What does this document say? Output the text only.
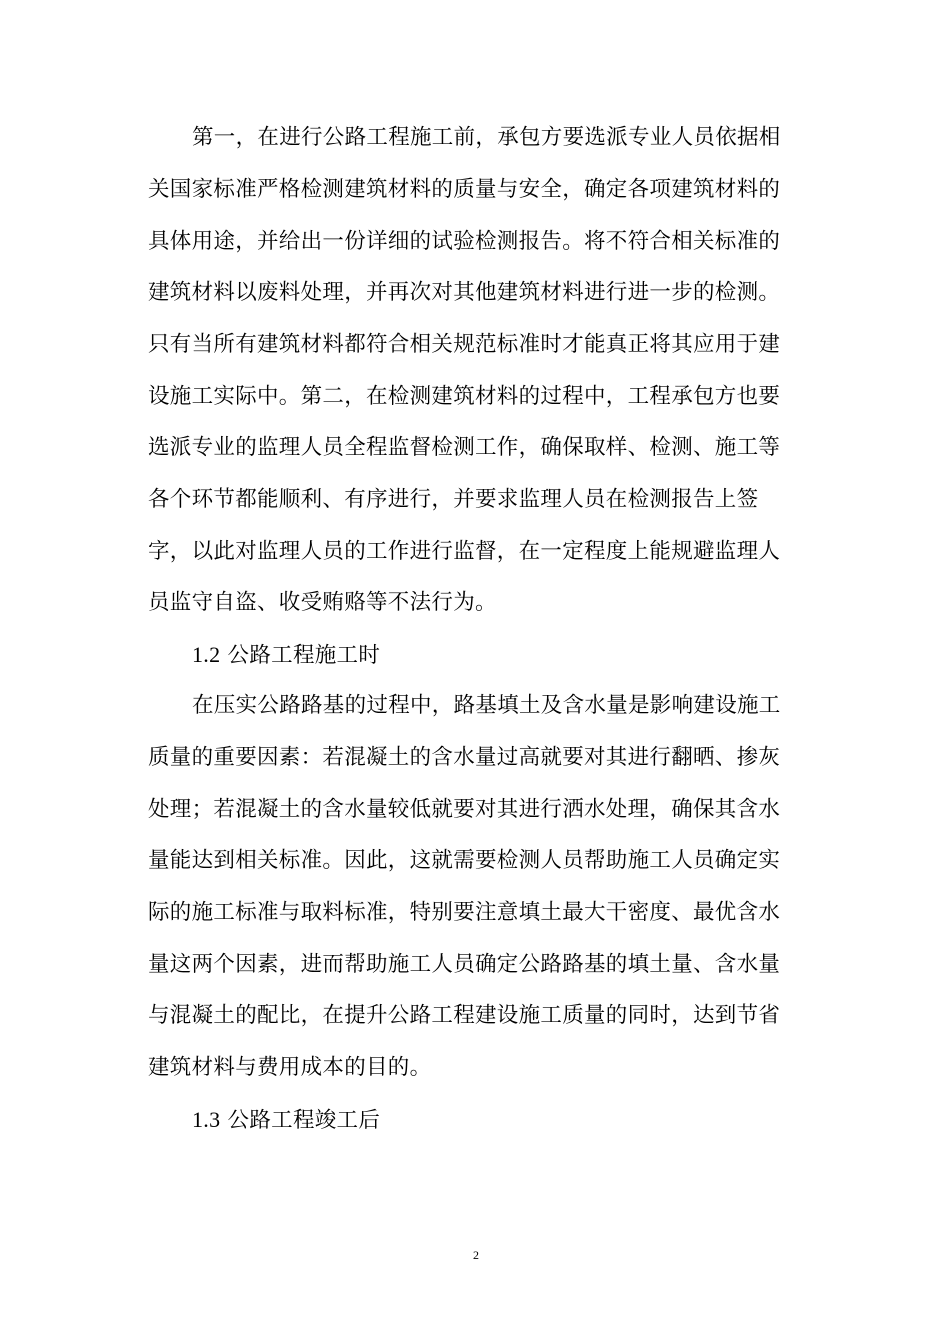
第一，在进行公路工程施工前，承包方要选派专业人员依据相
关国家标准严格检测建筑材料的质量与安全，确定各项建筑材料的
具体用途，并给出一份详细的试验检测报告。将不符合相关标准的
建筑材料以废料处理，并再次对其他建筑材料进行进一步的检测。
只有当所有建筑材料都符合相关规范标准时才能真正将其应用于建
设施工实际中。第二，在检测建筑材料的过程中，工程承包方也要
选派专业的监理人员全程监督检测工作，确保取样、检测、施工等
各个环节都能顺利、有序进行，并要求监理人员在检测报告上签
字，以此对监理人员的工作进行监督，在一定程度上能规避监理人
员监守自盗、收受贿赂等不法行为。
1.2 公路工程施工时
在压实公路路基的过程中，路基填土及含水量是影响建设施工
质量的重要因素：若混凝土的含水量过高就要对其进行翻晒、掺灰
处理；若混凝土的含水量较低就要对其进行洒水处理，确保其含水
量能达到相关标准。因此，这就需要检测人员帮助施工人员确定实
际的施工标准与取料标准，特别要注意填土最大干密度、最优含水
量这两个因素，进而帮助施工人员确定公路路基的填土量、含水量
与混凝土的配比，在提升公路工程建设施工质量的同时，达到节省
建筑材料与费用成本的目的。
1.3 公路工程竣工后
2
